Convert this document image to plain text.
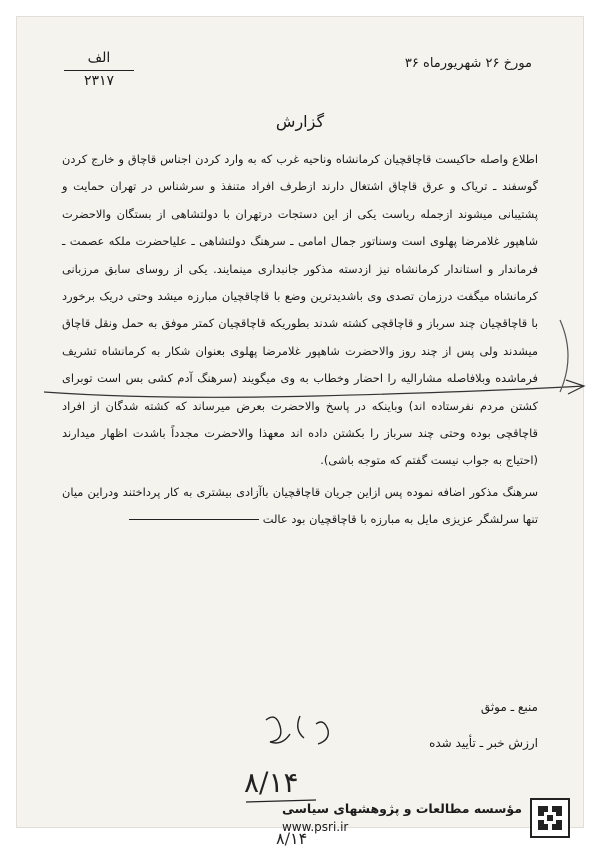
الف
۲۳۱۷
مورخ ۲۶ شهریورماه ۳۶
گزارش

اطلاع واصله حاکیست قاچاقچیان کرمانشاه وناحیه غرب که به وارد کردن اجناس قاچاق و خارج کردن گوسفند ـ تریاک و عرق قاچاق اشتغال دارند ازطرف افراد متنفذ و سرشناس در تهران حمایت و پشتیبانی میشوند ازجمله ریاست یکی از این دستجات درتهران با دولتشاهی از بستگان والاحضرت شاهپور غلامرضا پهلوی است وسناتور جمال امامی ـ سرهنگ دولتشاهی ـ علیاحضرت ملکه عصمت ـ فرماندار و استاندار کرمانشاه نیز ازدسته مذکور جانبداری مینمایند. یکی از روسای سابق مرزبانی کرمانشاه میگفت درزمان تصدی وی باشدیدترین وضع با قاچاقچیان مبارزه میشد وحتی دریک برخورد با قاچاقچیان چند سرباز و قاچاقچی کشته شدند بطوریکه قاچاقچیان کمتر موفق به حمل ونقل قاچاق میشدند ولی پس از چند روز والاحضرت شاهپور غلامرضا پهلوی بعنوان شکار به کرمانشاه تشریف فرماشده وبلافاصله مشارالیه را احضار وخطاب به وی میگویند (سرهنگ آدم کشی بس است توبرای کشتن مردم نفرستاده اند) وباینکه در پاسخ والاحضرت بعرض میرساند که کشته شدگان از افراد قاچاقچی بوده وحتی چند سرباز را بکشتن داده اند معهذا والاحضرت مجدداً باشدت اظهار میدارند (احتیاج به جواب نیست گفتم که متوجه باشی).

سرهنگ مذکور اضافه نموده پس ازاین جریان قاچاقچیان باآزادی بیشتری به کار پرداختند ودراین میان تنها سرلشگر عزیزی مایل به مبارزه با قاچاقچیان بود عالت

منبع ـ موثق
ارزش خبر ـ تأیید شده
۸/۱۴
۸/۱۴
مؤسسه مطالعات و پژوهشهای سیاسی
www.psri.ir
